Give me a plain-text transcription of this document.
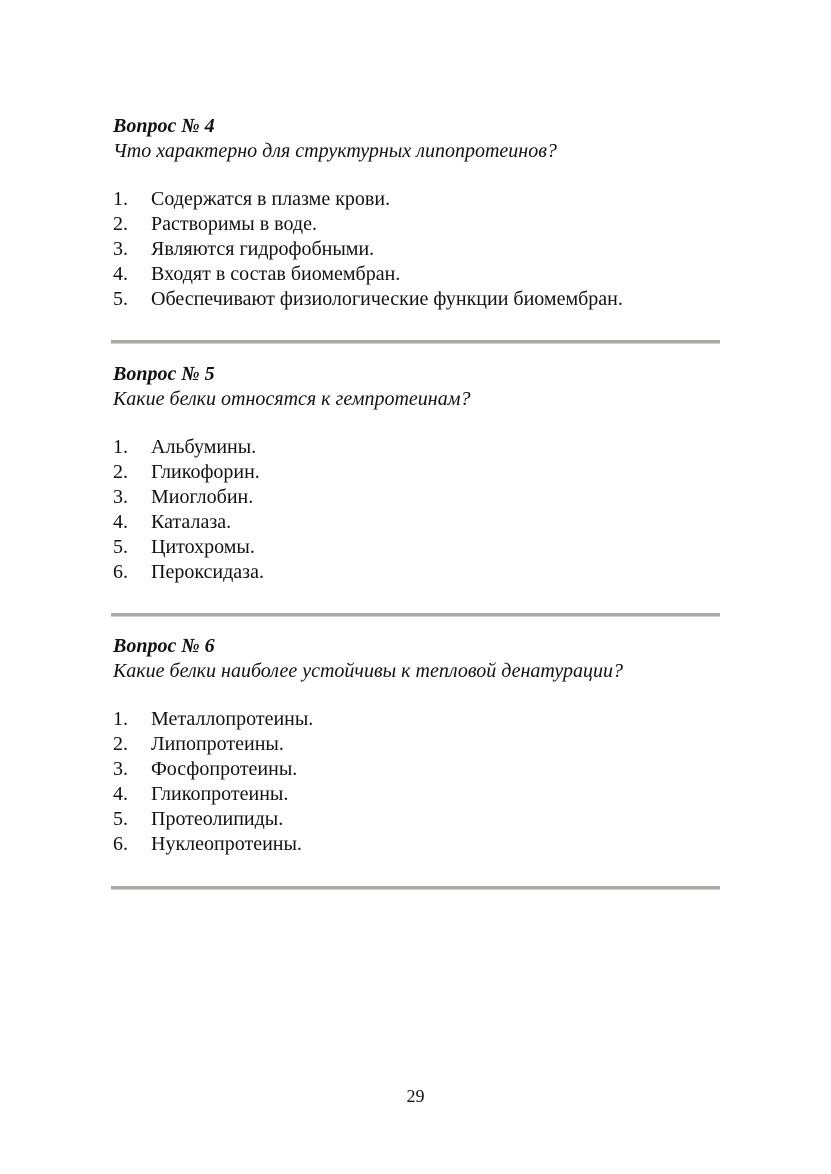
Вопрос № 4
Что характерно для структурных липопротеинов?
1. Содержатся в плазме крови.
2. Растворимы в воде.
3. Являются гидрофобными.
4. Входят в состав биомембран.
5. Обеспечивают физиологические функции биомембран.
Вопрос № 5
Какие белки относятся к гемпротеинам?
1. Альбумины.
2. Гликофорин.
3. Миоглобин.
4. Каталаза.
5. Цитохромы.
6. Пероксидаза.
Вопрос № 6
Какие белки наиболее устойчивы к тепловой денатурации?
1. Металлопротеины.
2. Липопротеины.
3. Фосфопротеины.
4. Гликопротеины.
5. Протеолипиды.
6. Нуклеопротеины.
29
